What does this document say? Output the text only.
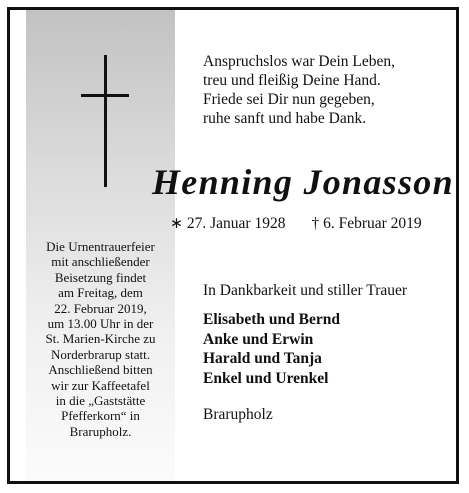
Die Urnentrauerfeier
mit anschließender
Beisetzung findet
am Freitag, dem
22. Februar 2019,
um 13.00 Uhr in der
St. Marien-Kirche zu
Norderbrarup statt.
Anschließend bitten
wir zur Kaffeetafel
in die „Gaststätte
Pfefferkorn“ in
Brarupholz.
Anspruchslos war Dein Leben,
treu und fleißig Deine Hand.
Friede sei Dir nun gegeben,
ruhe sanft und habe Dank.
Henning Jonasson
∗ 27. Januar 1928 † 6. Februar 2019
In Dankbarkeit und stiller Trauer
Elisabeth und Bernd
Anke und Erwin
Harald und Tanja
Enkel und Urenkel
Brarupholz
